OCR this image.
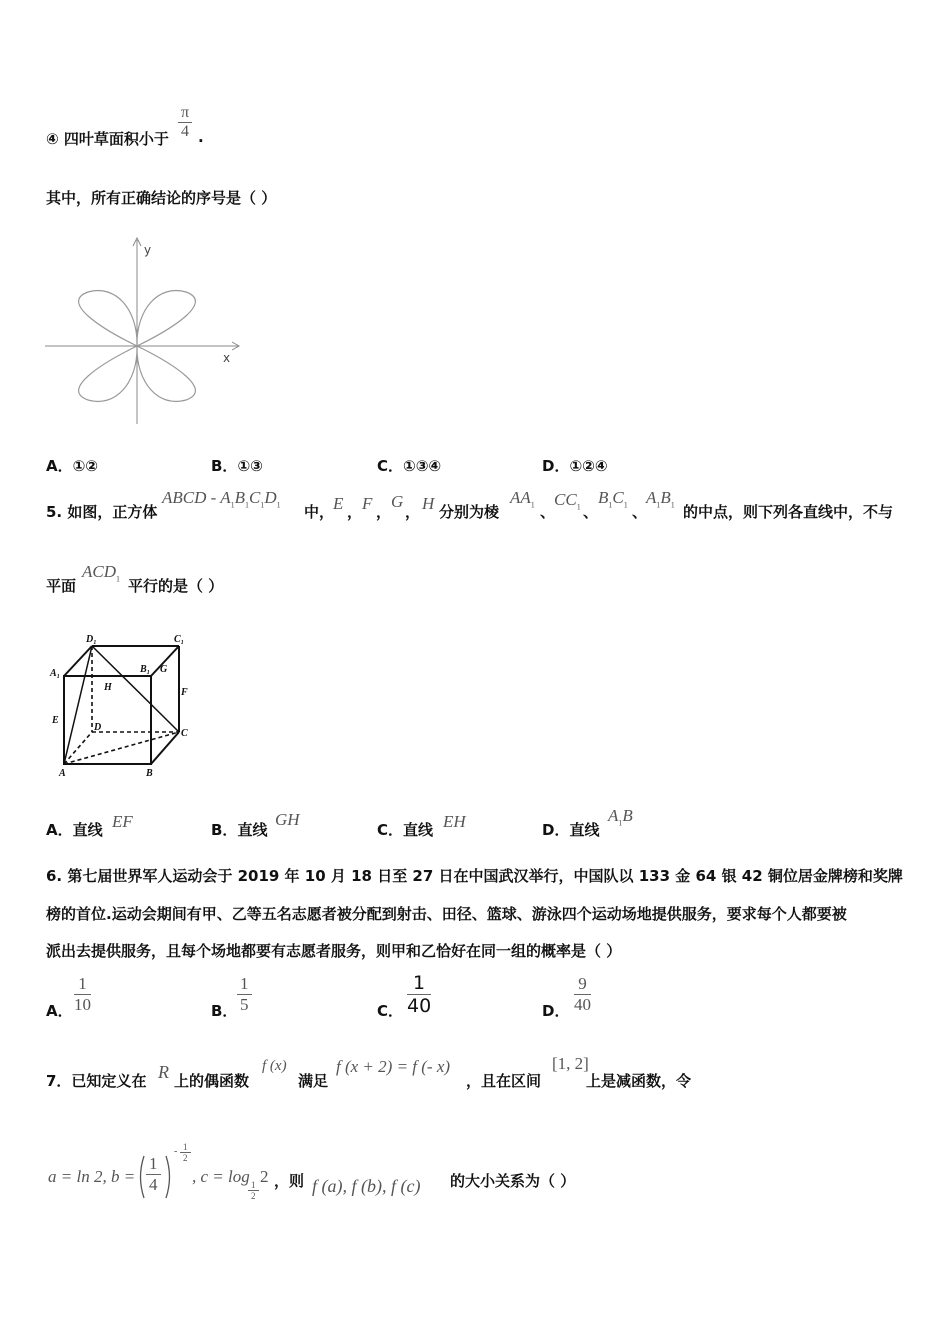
④ 四叶草面积小于 $\frac{\pi}{4}$ .
其中，所有正确结论的序号是（ ）
y
x
A．①②	B．①③	C．①③④	D．①②④
5. 如图，正方体
ABCD - $A_1B_1C_1D_1$ 中，
E ， F ，
G
， H 分别为棱
$AA_1$ 、
$CC_1$ 、
$B_1C_1$ 、
$A_1B_1$ 的中点，则下列各直线中，不与
平面
$ACD_1$ 平行的是（ ）
D₁	C₁
A₁	B₁ G
H	F
E
D
C
A	B
A．直线 EF	B．直线
GH
C．直线 EH	D．直线
$A_1B$
6. 第七届世界军人运动会于 2019 年 10 月 18 日至 27 日在中国武汉举行，中国队以 133 金 64 银 42 铜位居金牌榜和奖牌
榜的首位.运动会期间有甲、乙等五名志愿者被分配到射击、田径、篮球、游泳四个运动场地提供服务，要求每个人都要被
派出去提供服务，且每个场地都要有志愿者服务，则甲和乙恰好在同一组的概率是（ ）
A． $\frac{1}{10}$	B． $\frac{1}{5}$	C． $\frac{1}{40}$	D． $\frac{9}{40}$
7．已知定义在 R 上的偶函数
f (x)
满足
f (x + 2) = f (- x)
，且在区间
[1, 2]
上是减函数，令
a = ln 2, $b = \frac{1}{4}$
- $\frac{1}{2}$
, c = log
$\frac{1}{2}$
2 ，则 f (a), f (b), f (c) 的大小关系为（ ）
